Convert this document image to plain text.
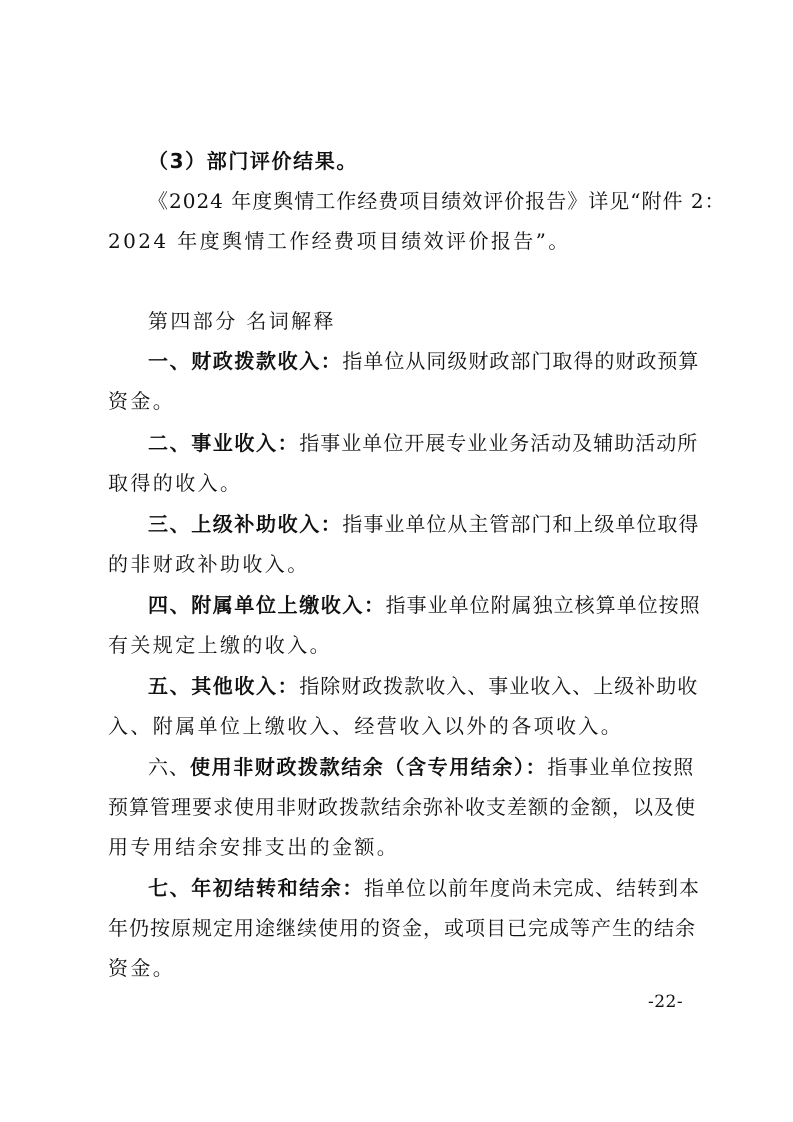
（3）部门评价结果。
《2024 年度舆情工作经费项目绩效评价报告》详见“附件 2：
2024 年度舆情工作经费项目绩效评价报告”。
第四部分 名词解释
一、财政拨款收入：指单位从同级财政部门取得的财政预算
资金。
二、事业收入：指事业单位开展专业业务活动及辅助活动所
取得的收入。
三、上级补助收入：指事业单位从主管部门和上级单位取得
的非财政补助收入。
四、附属单位上缴收入：指事业单位附属独立核算单位按照
有关规定上缴的收入。
五、其他收入：指除财政拨款收入、事业收入、上级补助收
入、附属单位上缴收入、经营收入以外的各项收入。
六、使用非财政拨款结余（含专用结余）：指事业单位按照
预算管理要求使用非财政拨款结余弥补收支差额的金额，以及使
用专用结余安排支出的金额。
七、年初结转和结余：指单位以前年度尚未完成、结转到本
年仍按原规定用途继续使用的资金，或项目已完成等产生的结余
资金。
-22-
